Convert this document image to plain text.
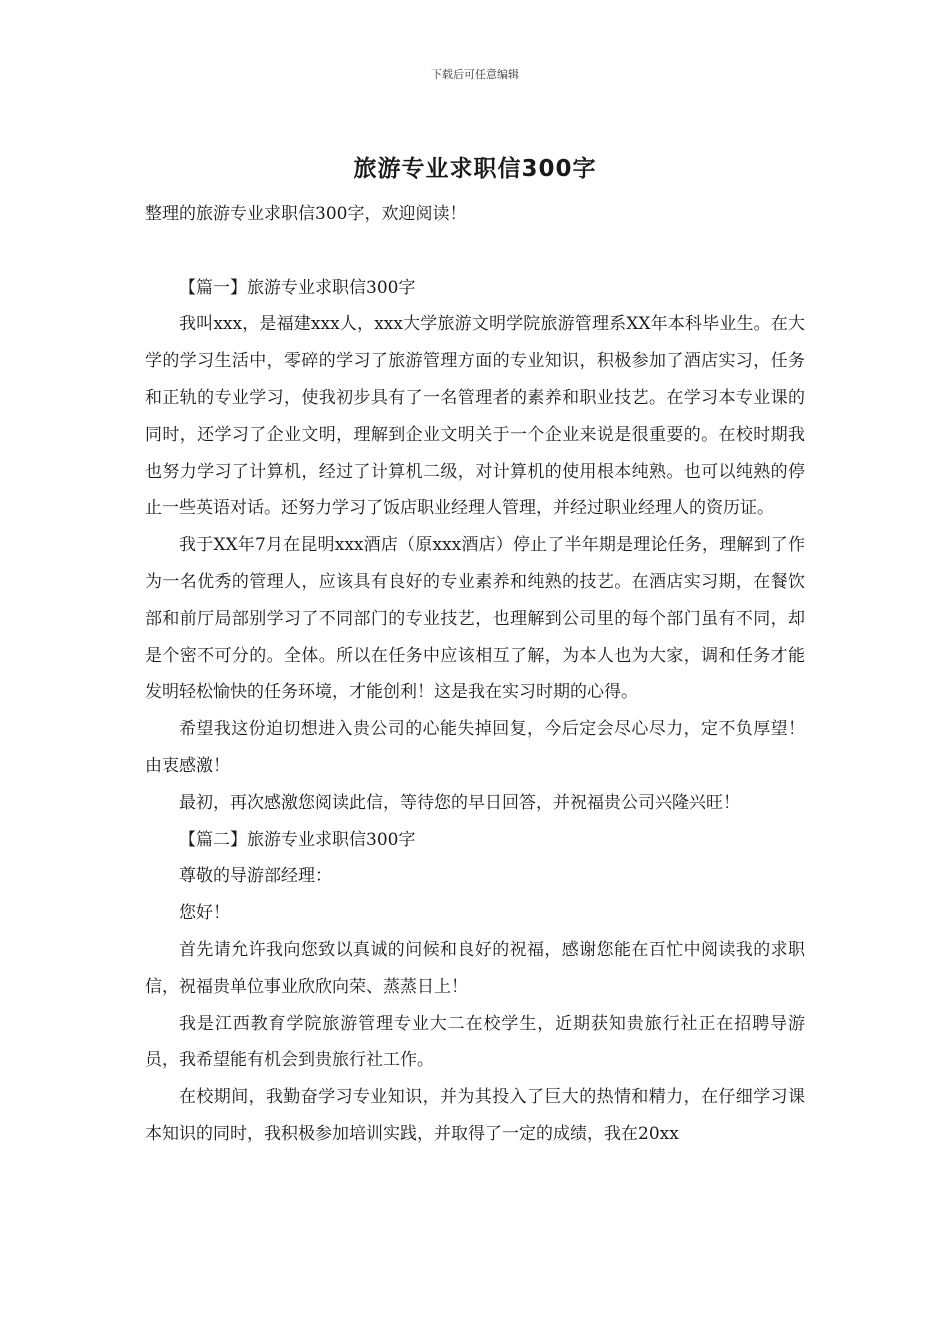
下载后可任意编辑
旅游专业求职信300字

整理的旅游专业求职信300字，欢迎阅读！

【篇一】旅游专业求职信300字

我叫xxx，是福建xxx人，xxx大学旅游文明学院旅游管理系XX年本科毕业生。在大学的学习生活中，零碎的学习了旅游管理方面的专业知识，积极参加了酒店实习，任务和正轨的专业学习，使我初步具有了一名管理者的素养和职业技艺。在学习本专业课的同时，还学习了企业文明，理解到企业文明关于一个企业来说是很重要的。在校时期我也努力学习了计算机，经过了计算机二级，对计算机的使用根本纯熟。也可以纯熟的停止一些英语对话。还努力学习了饭店职业经理人管理，并经过职业经理人的资历证。

我于XX年7月在昆明xxx酒店（原xxx酒店）停止了半年期是理论任务，理解到了作为一名优秀的管理人，应该具有良好的专业素养和纯熟的技艺。在酒店实习期，在餐饮部和前厅局部别学习了不同部门的专业技艺，也理解到公司里的每个部门虽有不同，却是个密不可分的。全体。所以在任务中应该相互了解，为本人也为大家，调和任务才能发明轻松愉快的任务环境，才能创利！这是我在实习时期的心得。

希望我这份迫切想进入贵公司的心能失掉回复，今后定会尽心尽力，定不负厚望！由衷感激！

最初，再次感激您阅读此信，等待您的早日回答，并祝福贵公司兴隆兴旺！

【篇二】旅游专业求职信300字

尊敬的导游部经理：

您好！

首先请允许我向您致以真诚的问候和良好的祝福，感谢您能在百忙中阅读我的求职信，祝福贵单位事业欣欣向荣、蒸蒸日上！

我是江西教育学院旅游管理专业大二在校学生，近期获知贵旅行社正在招聘导游员，我希望能有机会到贵旅行社工作。

在校期间，我勤奋学习专业知识，并为其投入了巨大的热情和精力，在仔细学习课本知识的同时，我积极参加培训实践，并取得了一定的成绩，我在20xx
